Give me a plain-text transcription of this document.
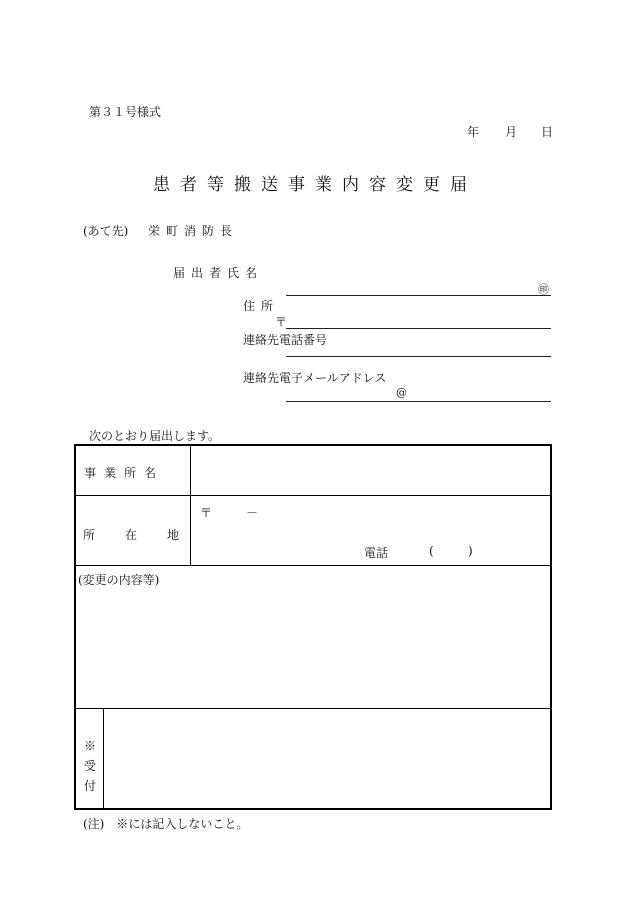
第３１号様式
年 月 日
患者等搬送事業内容変更届
(あて先) 栄町消防長
届出者氏名
㊞
住所
〒
連絡先電話番号
連絡先電子メールアドレス
@
次のとおり届出します。
事業所名
所在地
〒	－
電話	(	)
(変更の内容等)
※受付
(注)　※には記入しないこと。
